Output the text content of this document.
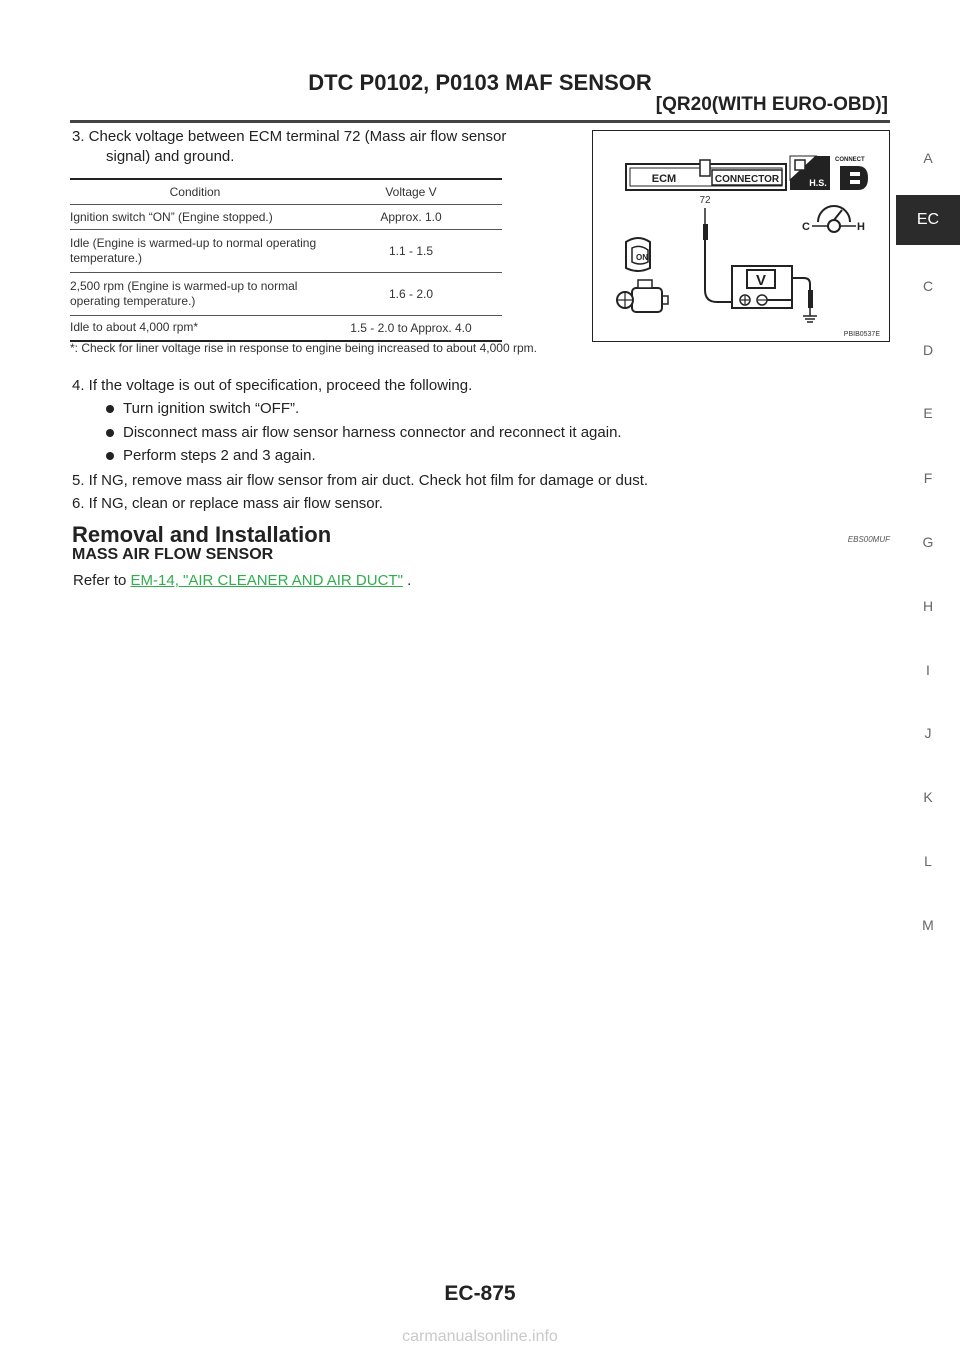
DTC P0102, P0103 MAF SENSOR
[QR20(WITH EURO-OBD)]
A
EC
C
D
E
F
G
H
I
J
K
L
M
3. Check voltage between ECM terminal 72 (Mass air flow sensor
signal) and ground.
Condition	Voltage V
Ignition switch “ON” (Engine stopped.)	Approx. 1.0
Idle (Engine is warmed-up to normal operating temperature.)	1.1 - 1.5
2,500 rpm (Engine is warmed-up to normal operating temperature.)	1.6 - 2.0
Idle to about 4,000 rpm*	1.5 - 2.0 to Approx. 4.0
*: Check for liner voltage rise in response to engine being increased to about 4,000 rpm.
ECM	CONNECTOR	H.S.
CONNECT
72
V
C	H
ON
PBIB0537E
4. If the voltage is out of specification, proceed the following.
Turn ignition switch “OFF”.
Disconnect mass air flow sensor harness connector and reconnect it again.
Perform steps 2 and 3 again.
5. If NG, remove mass air flow sensor from air duct. Check hot film for damage or dust.
6. If NG, clean or replace mass air flow sensor.
Removal and Installation	EBS00MUF
MASS AIR FLOW SENSOR
Refer to EM-14, "AIR CLEANER AND AIR DUCT" .
EC-875
carmanualsonline.info
